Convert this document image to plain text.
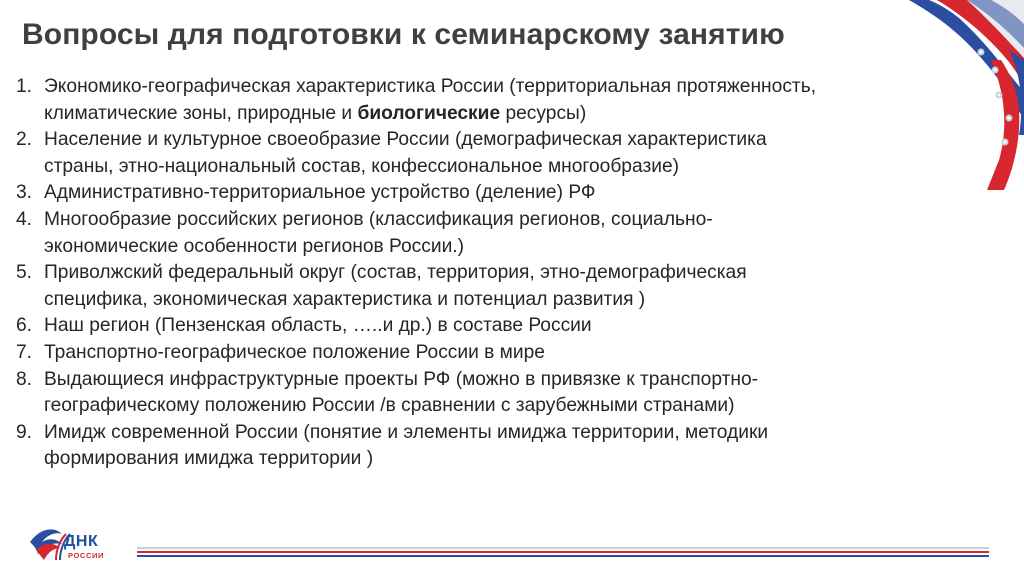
Вопросы для подготовки к семинарскому занятию
1. Экономико-географическая характеристика России (территориальная протяженность,
климатические зоны, природные и биологические ресурсы)
2. Население и культурное своеобразие России (демографическая характеристика
страны, этно-национальный состав, конфессиональное многообразие)
3. Административно-территориальное устройство (деление) РФ
4. Многообразие российских регионов (классификация регионов, социально-
экономические особенности регионов России.)
5. Приволжский федеральный округ (состав, территория, этно-демографическая
специфика, экономическая характеристика и потенциал развития )
6. Наш регион (Пензенская область, …..и др.) в составе России
7. Транспортно-географическое положение России в мире
8. Выдающиеся инфраструктурные проекты РФ (можно в привязке к транспортно-
географическому положению России /в сравнении с зарубежными странами)
9. Имидж современной России (понятие и элементы имиджа территории, методики
формирования имиджа территории )
ДНК
РОССИИ
